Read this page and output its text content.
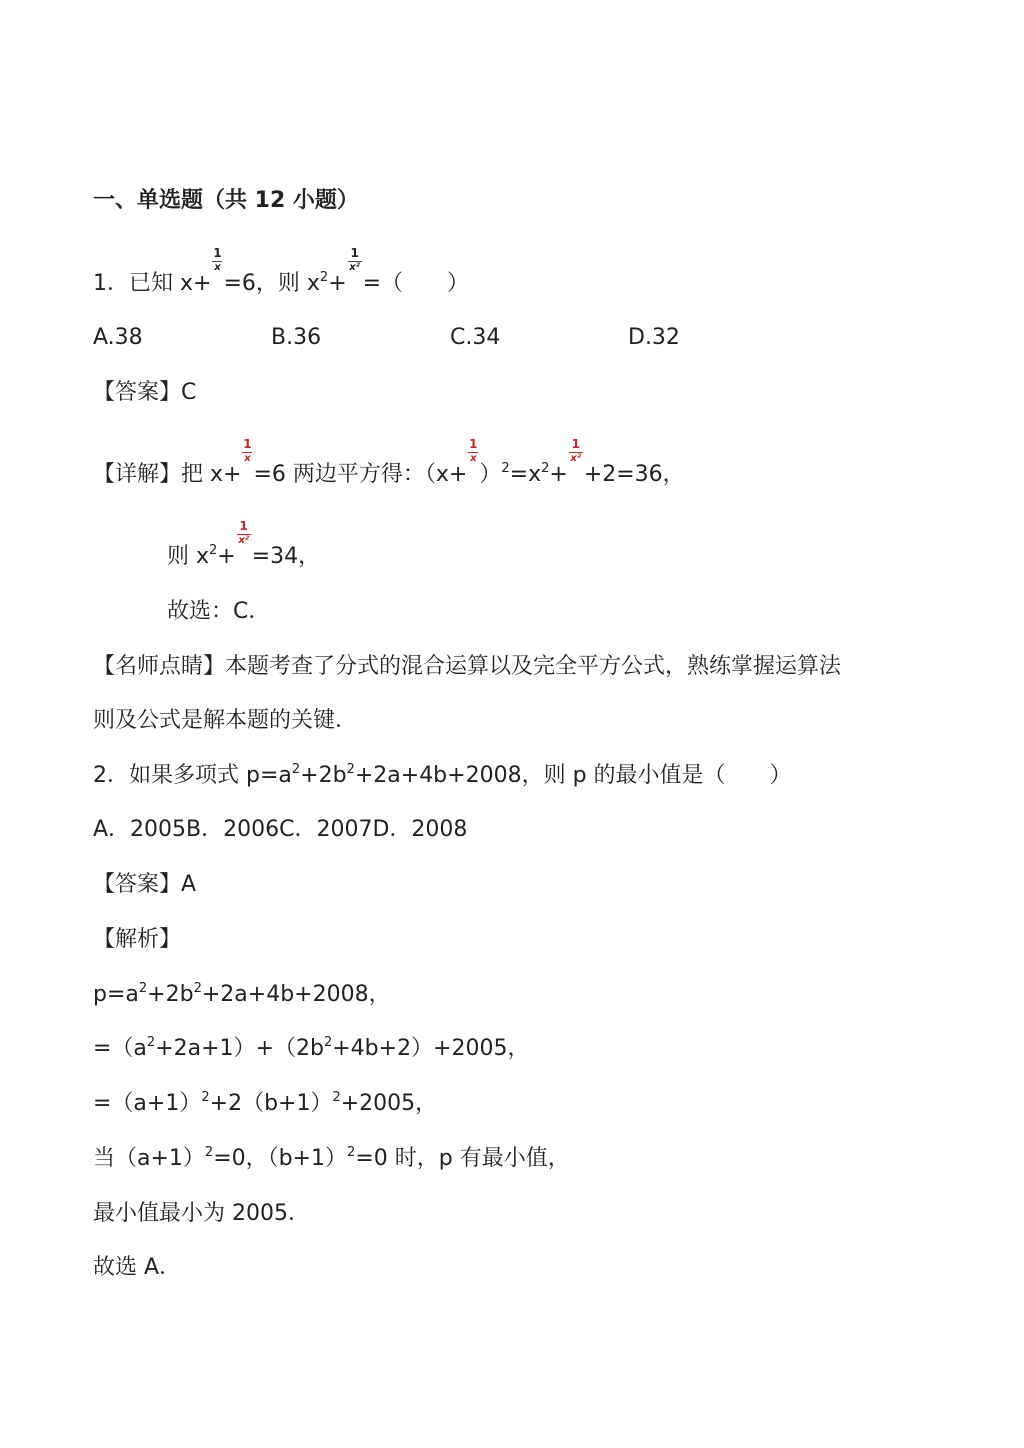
一、单选题（共 12 小题）
1．已知 x+
1
x
=6，则 $x^2+$
1
x²
=（　　）
A.38	B.36	C.34	D.32
【答案】C
【详解】把 x+
1
x
=6 两边平方得：（x+
1
x
）$^2=x^2+$
1
x²
+2=36，
则 $x^2+$
1
x²
=34，
故选：C．
【名师点睛】本题考查了分式的混合运算以及完全平方公式，熟练掌握运算法
则及公式是解本题的关键．
2．如果多项式 $p=a^2+2b^2+2a+4b+2008$，则 p 的最小值是（　　）
A．2005B．2006C．2007D．2008
【答案】A
【解析】
$p=a^2+2b^2+2a+4b+2008$，
$=(a^2+2a+1)+(2b^2+4b+2)+2005$，
$=(a+1)^2+2(b+1)^2+2005$，
当$(a+1)^2=0$，$(b+1)^2=0$ 时，p 有最小值，
最小值最小为 2005．
故选 A．
